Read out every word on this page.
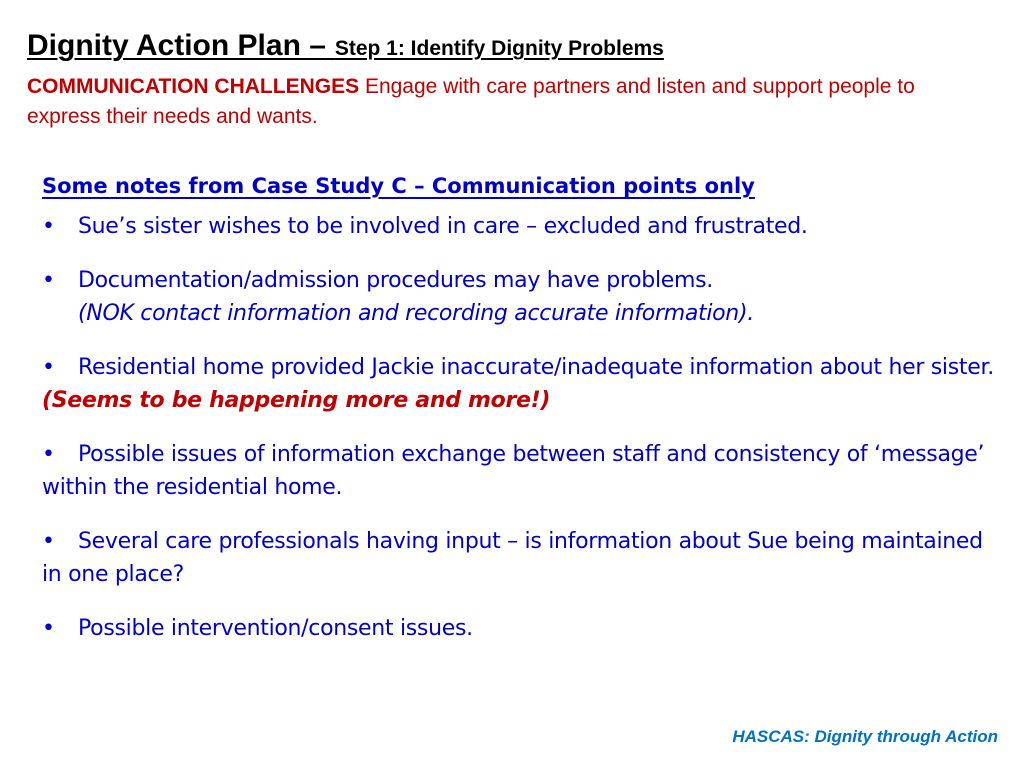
Dignity Action Plan – Step 1: Identify Dignity Problems

COMMUNICATION CHALLENGES Engage with care partners and listen and support people to express their needs and wants.

Some notes from Case Study C – Communication points only

• Sue’s sister wishes to be involved in care – excluded and frustrated.
• Documentation/admission procedures may have problems.
(NOK contact information and recording accurate information).
• Residential home provided Jackie inaccurate/inadequate information about her sister. (Seems to be happening more and more!)
• Possible issues of information exchange between staff and consistency of ‘message’ within the residential home.
• Several care professionals having input – is information about Sue being maintained in one place?
• Possible intervention/consent issues.

HASCAS: Dignity through Action
